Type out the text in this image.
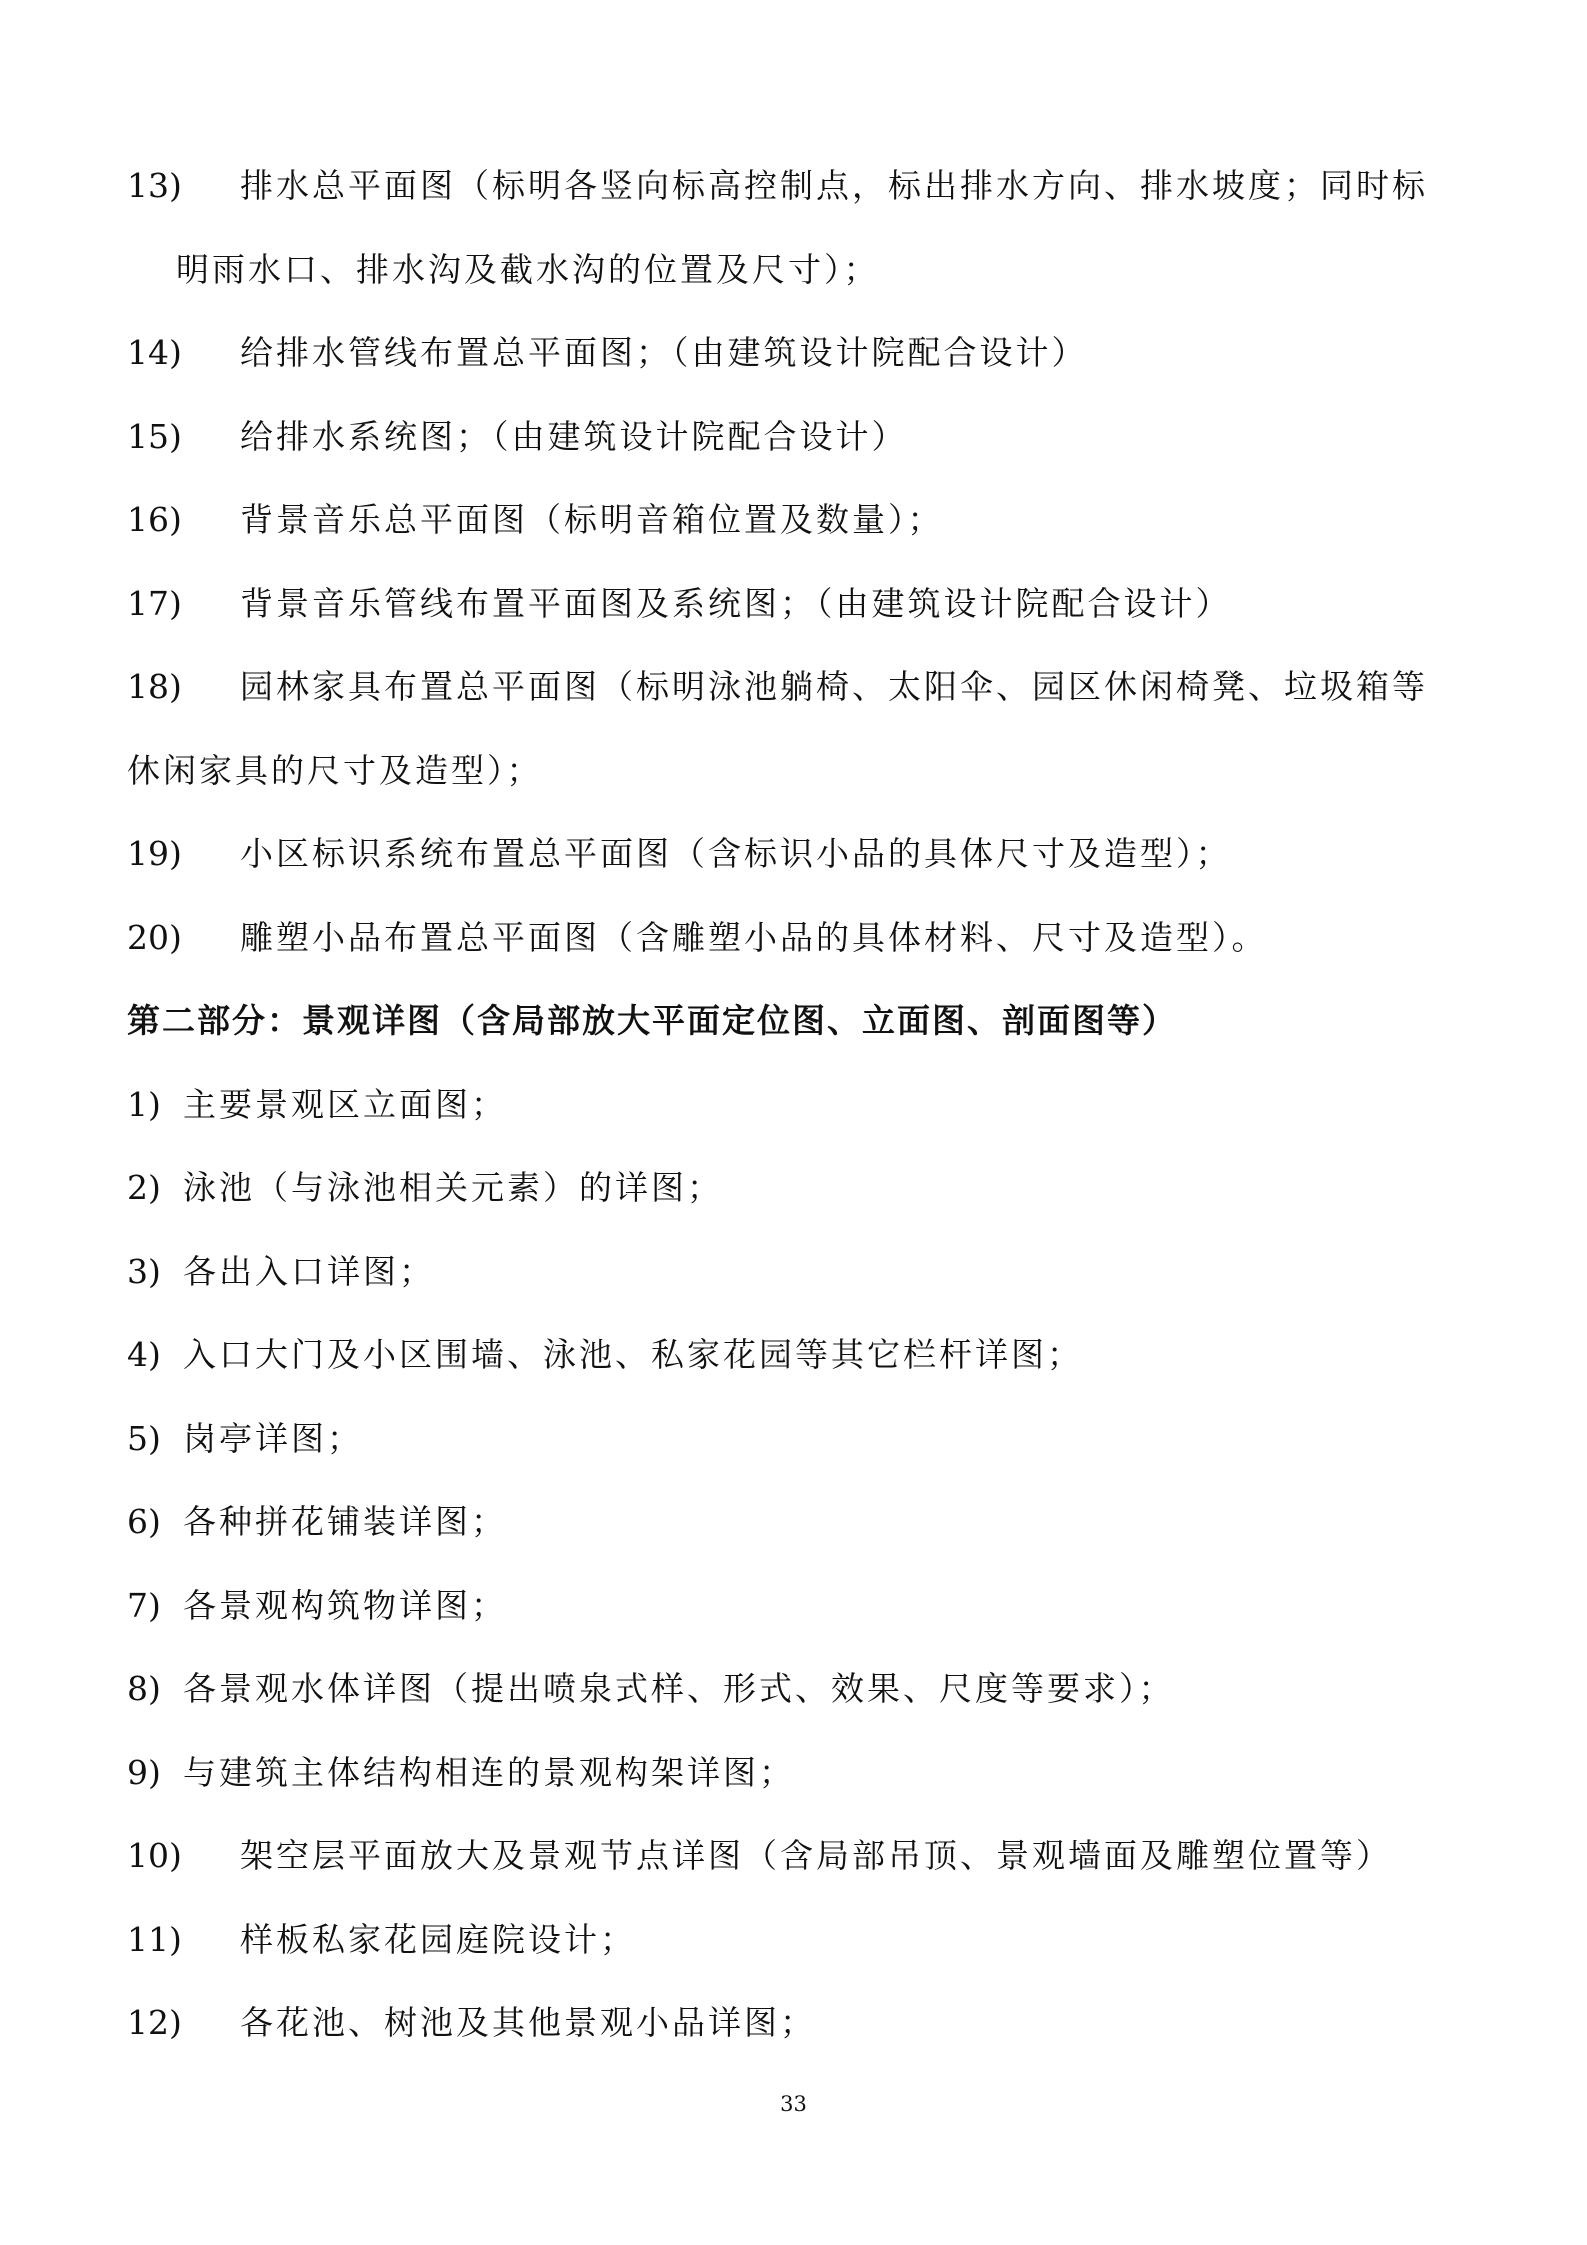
13)	排水总平面图（标明各竖向标高控制点，标出排水方向、排水坡度；同时标
明雨水口、排水沟及截水沟的位置及尺寸）；
14)	给排水管线布置总平面图；（由建筑设计院配合设计）
15)	给排水系统图；（由建筑设计院配合设计）
16)	背景音乐总平面图（标明音箱位置及数量）；
17)	背景音乐管线布置平面图及系统图；（由建筑设计院配合设计）
18)	园林家具布置总平面图（标明泳池躺椅、太阳伞、园区休闲椅凳、垃圾箱等
休闲家具的尺寸及造型）；
19)	小区标识系统布置总平面图（含标识小品的具体尺寸及造型）；
20)	雕塑小品布置总平面图（含雕塑小品的具体材料、尺寸及造型）。
第二部分：景观详图（含局部放大平面定位图、立面图、剖面图等）
1) 主要景观区立面图；
2) 泳池（与泳池相关元素）的详图；
3) 各出入口详图；
4) 入口大门及小区围墙、泳池、私家花园等其它栏杆详图；
5) 岗亭详图；
6) 各种拼花铺装详图；
7) 各景观构筑物详图；
8) 各景观水体详图（提出喷泉式样、形式、效果、尺度等要求）；
9) 与建筑主体结构相连的景观构架详图；
10)	架空层平面放大及景观节点详图（含局部吊顶、景观墙面及雕塑位置等）
11)	样板私家花园庭院设计；
12)	各花池、树池及其他景观小品详图；
33
